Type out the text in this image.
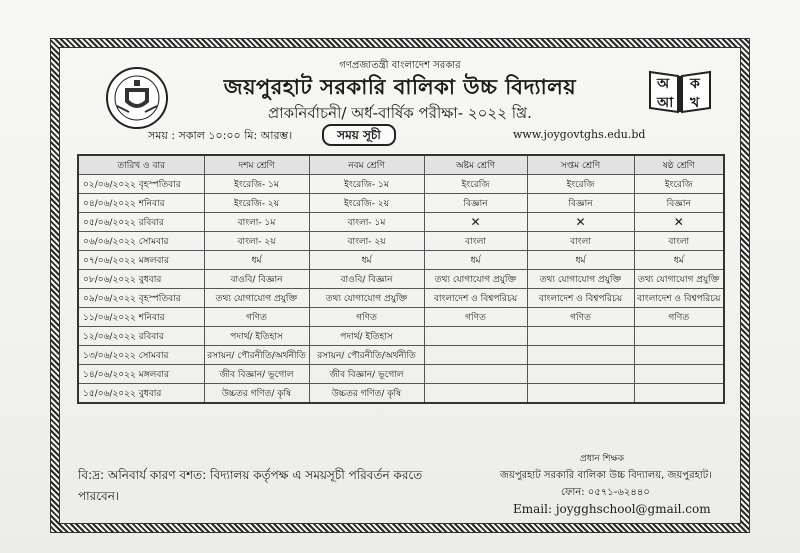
গণপ্রজাতন্ত্রী বাংলাদেশ সরকার
জয়পুরহাট সরকারি বালিকা উচ্চ বিদ্যালয়
প্রাকনির্বাচনী/ অর্ধ-বার্ষিক পরীক্ষা- ২০২২ খ্রি.
সময় : সকাল ১০:০০ মি: আরম্ভ।	সময় সূচী	www.joygovtghs.edu.bd
অ ক
আ খ
তারিখ ও বার	দশম শ্রেণি	নবম শ্রেণি	অষ্টম শ্রেণি	সপ্তম শ্রেণি	ষষ্ঠ শ্রেণি
০২/০৬/২০২২ বৃহস্পতিবার	ইংরেজি- ১ম	ইংরেজি- ১ম	ইংরেজি	ইংরেজি	ইংরেজি
০৪/০৬/২০২২ শনিবার	ইংরেজি- ২য়	ইংরেজি- ২য়	বিজ্ঞান	বিজ্ঞান	বিজ্ঞান
০৫/০৬/২০২২ রবিবার	বাংলা- ১ম	বাংলা- ১ম	✕	✕	✕
০৬/০৬/২০২২ সোমবার	বাংলা- ২য়	বাংলা- ২য়	বাংলা	বাংলা	বাংলা
০৭/০৬/২০২২ মঙ্গলবার	ধর্ম	ধর্ম	ধর্ম	ধর্ম	ধর্ম
০৮/০৬/২০২২ বুধবার	বাওবি/ বিজ্ঞান	বাওবি/ বিজ্ঞান	তথ্য যোগাযোগ প্রযুক্তি	তথ্য যোগাযোগ প্রযুক্তি	তথ্য যোগাযোগ প্রযুক্তি
০৯/০৬/২০২২ বৃহস্পতিবার	তথ্য যোগাযোগ প্রযুক্তি	তথ্য যোগাযোগ প্রযুক্তি	বাংলাদেশ ও বিশ্বপরিচয়	বাংলাদেশ ও বিশ্বপরিচয়	বাংলাদেশ ও বিশ্বপরিচয়
১১/০৬/২০২২ শনিবার	গণিত	গণিত	গণিত	গণিত	গণিত
১২/০৬/২০২২ রবিবার	পদার্থ/ ইতিহাস	পদার্থ/ ইতিহাস			
১৩/০৬/২০২২ সোমবার	রসায়ন/ পৌরনীতি/অর্থনীতি	রসায়ন/ পৌরনীতি/অর্থনীতি			
১৪/০৬/২০২২ মঙ্গলবার	জীব বিজ্ঞান/ ভূগোল	জীব বিজ্ঞান/ ভূগোল			
১৫/০৬/২০২২ বুধবার	উচ্চতর গণিত/ কৃষি	উচ্চতর গণিত/ কৃষি			
বি:দ্র: অনিবার্য কারণ বশত: বিদ্যালয় কর্তৃপক্ষ এ সময়সূচী পরিবর্তন করতে পারবেন।
প্রধান শিক্ষক
জয়পুরহাট সরকারি বালিকা উচ্চ বিদ্যালয়, জয়পুরহাট।
ফোন: ০৫৭১-৬২৪৪০
Email: joygghschool@gmail.com
